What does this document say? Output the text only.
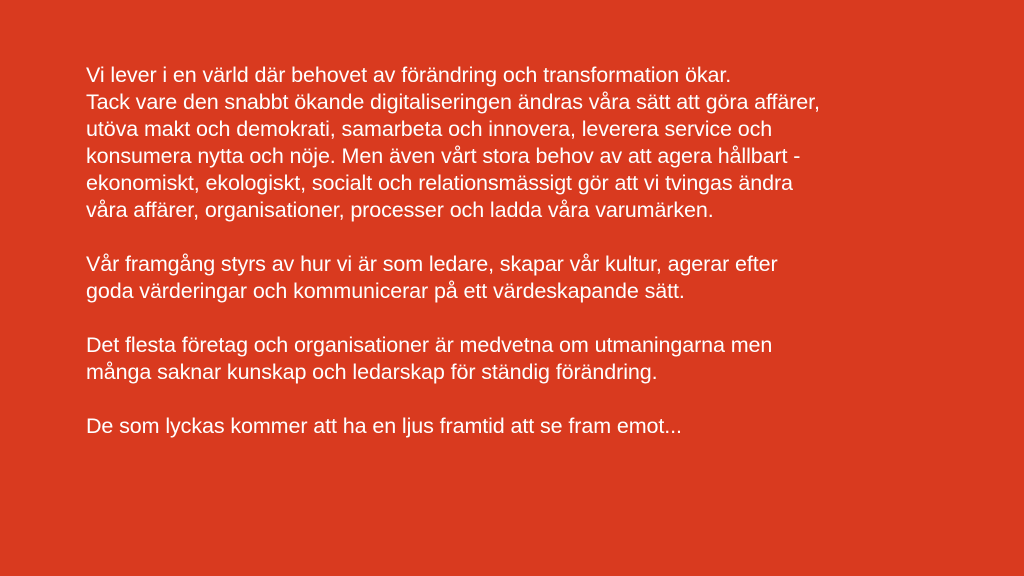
Vi lever i en värld där behovet av förändring och transformation ökar.
Tack vare den snabbt ökande digitaliseringen ändras våra sätt att göra affärer,
utöva makt och demokrati, samarbeta och innovera, leverera service och
konsumera nytta och nöje. Men även vårt stora behov av att agera hållbart -
ekonomiskt, ekologiskt, socialt och relationsmässigt gör att vi tvingas ändra
våra affärer, organisationer, processer och ladda våra varumärken.
Vår framgång styrs av hur vi är som ledare, skapar vår kultur, agerar efter
goda värderingar och kommunicerar på ett värdeskapande sätt.
Det flesta företag och organisationer är medvetna om utmaningarna men
många saknar kunskap och ledarskap för ständig förändring.
De som lyckas kommer att ha en ljus framtid att se fram emot...
